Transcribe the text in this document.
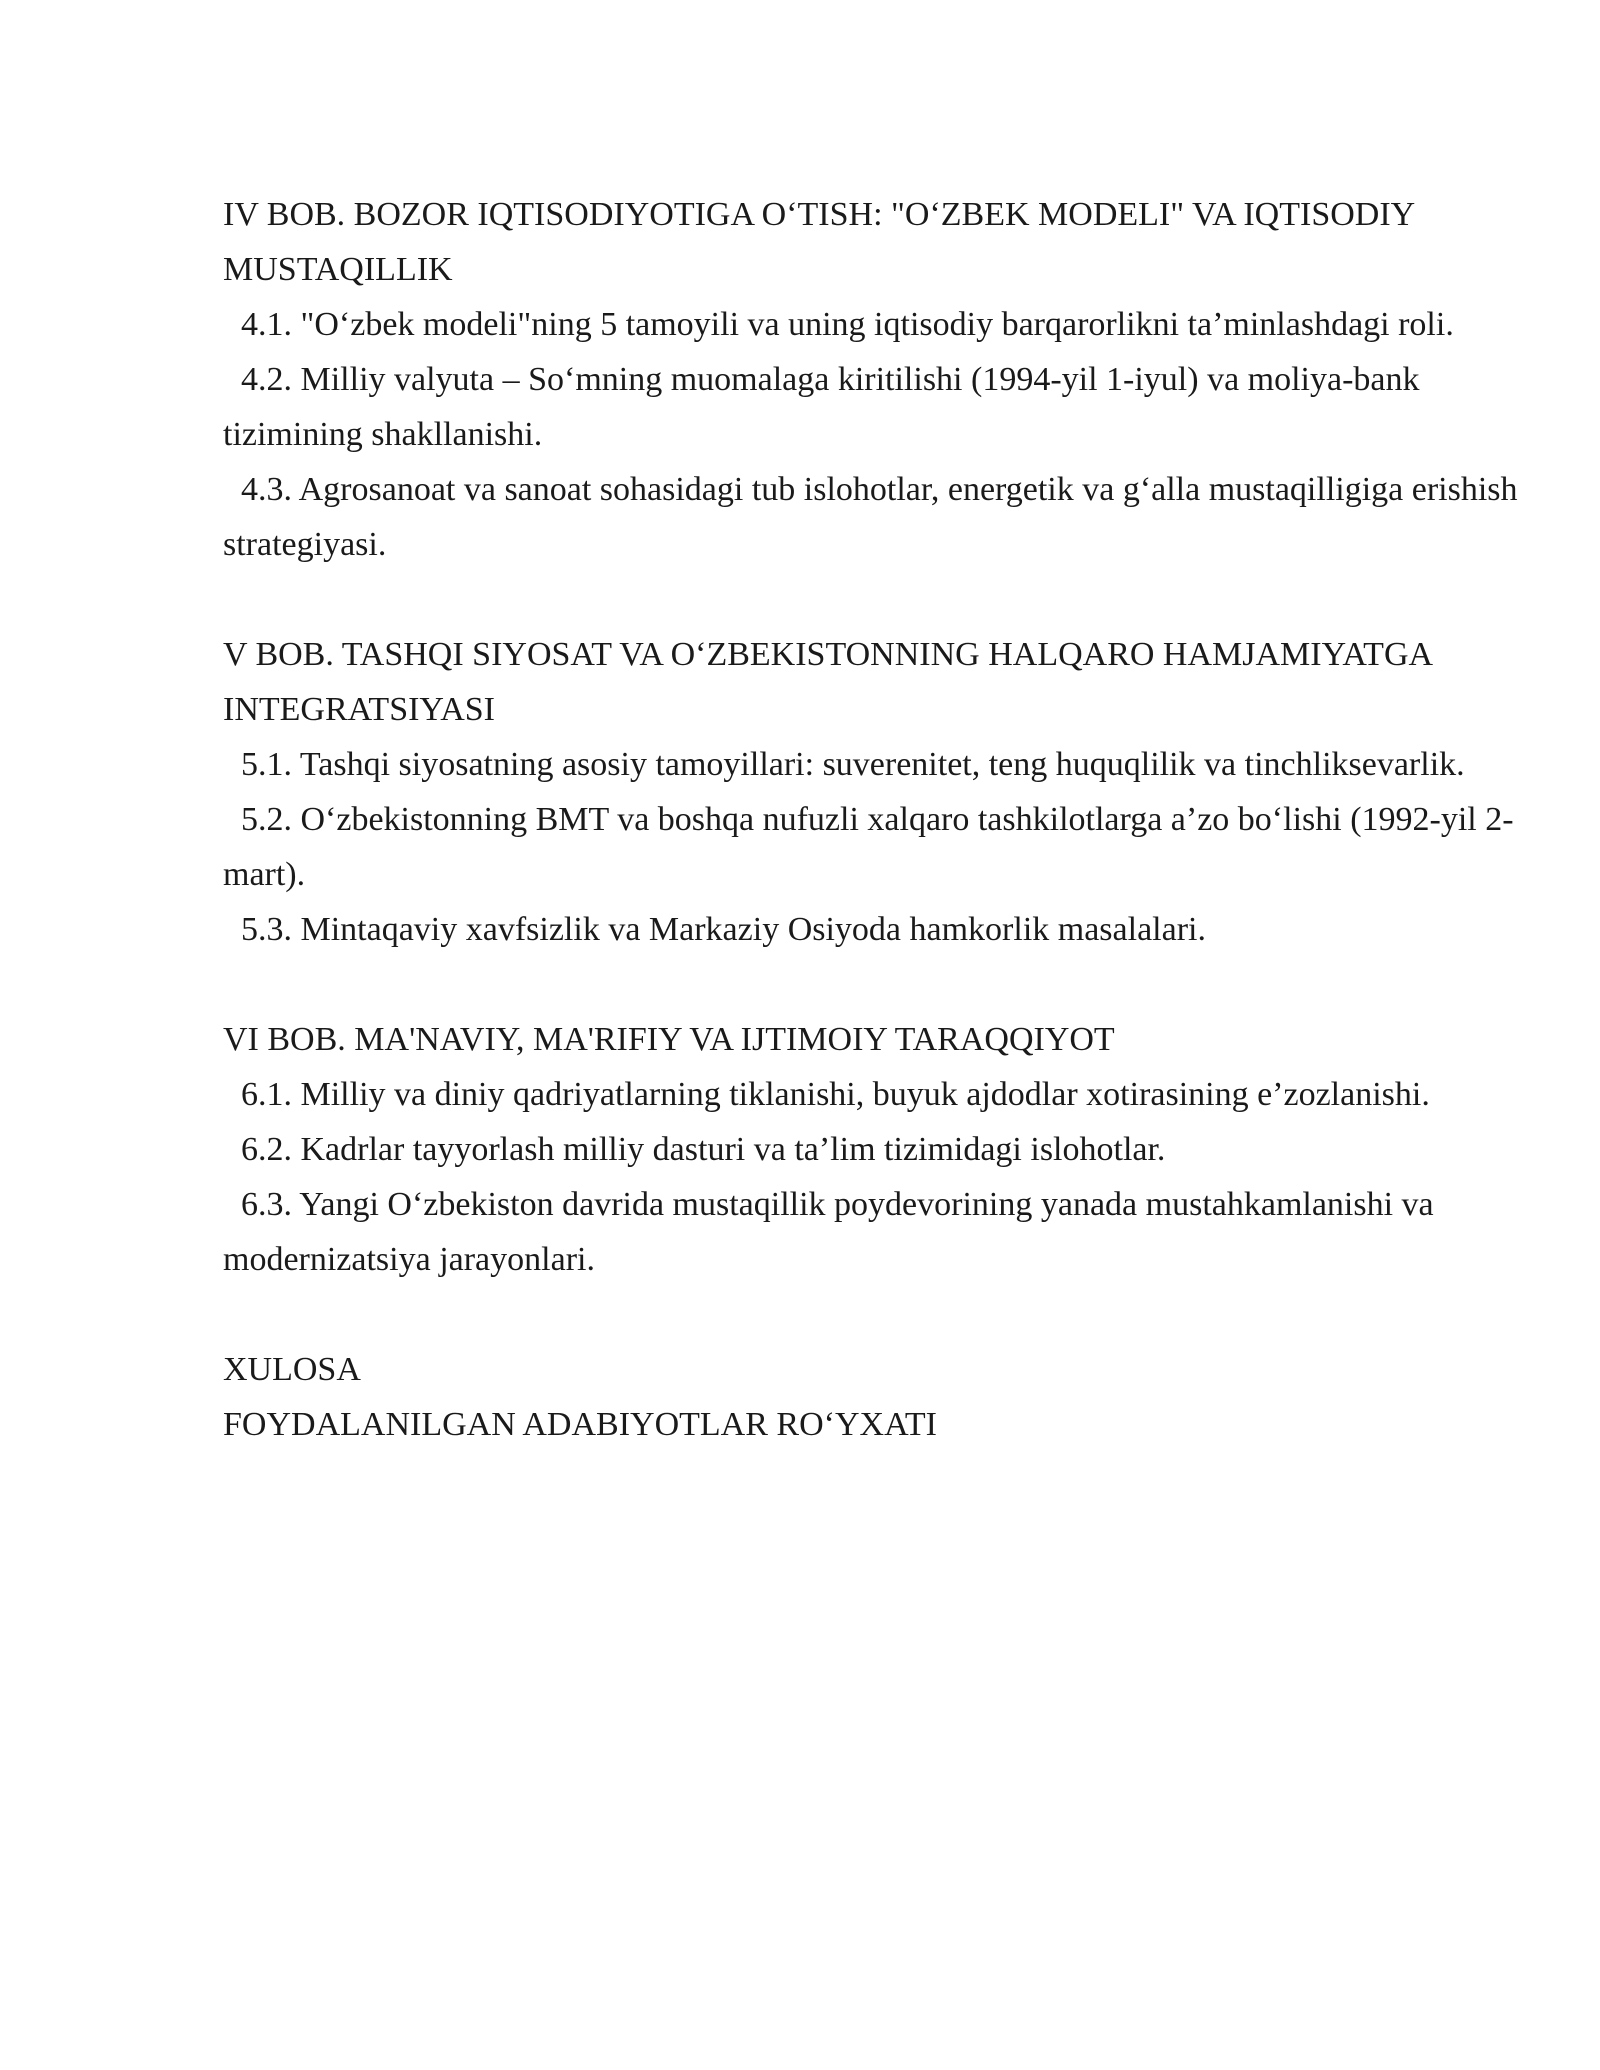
IV BOB. BOZOR IQTISODIYOTIGA O‘TISH: "O‘ZBEK MODELI" VA IQTISODIY MUSTAQILLIK

4.1. "O‘zbek modeli"ning 5 tamoyili va uning iqtisodiy barqarorlikni ta’minlashdagi roli.

4.2. Milliy valyuta – So‘mning muomalaga kiritilishi (1994-yil 1-iyul) va moliya-bank tizimining shakllanishi.

4.3. Agrosanoat va sanoat sohasidagi tub islohotlar, energetik va g‘alla mustaqilligiga erishish strategiyasi.

V BOB. TASHQI SIYOSAT VA O‘ZBEKISTONNING HALQARO HAMJAMIYATGA INTEGRATSIYASI

5.1. Tashqi siyosatning asosiy tamoyillari: suverenitet, teng huquqlilik va tinchliksevarlik.

5.2. O‘zbekistonning BMT va boshqa nufuzli xalqaro tashkilotlarga a’zo bo‘lishi (1992-yil 2-mart).

5.3. Mintaqaviy xavfsizlik va Markaziy Osiyoda hamkorlik masalalari.

VI BOB. MA'NAVIY, MA'RIFIY VA IJTIMOIY TARAQQIYOT

6.1. Milliy va diniy qadriyatlarning tiklanishi, buyuk ajdodlar xotirasining e’zozlanishi.

6.2. Kadrlar tayyorlash milliy dasturi va ta’lim tizimidagi islohotlar.

6.3. Yangi O‘zbekiston davrida mustaqillik poydevorining yanada mustahkamlanishi va modernizatsiya jarayonlari.

XULOSA

FOYDALANILGAN ADABIYOTLAR RO‘YXATI
